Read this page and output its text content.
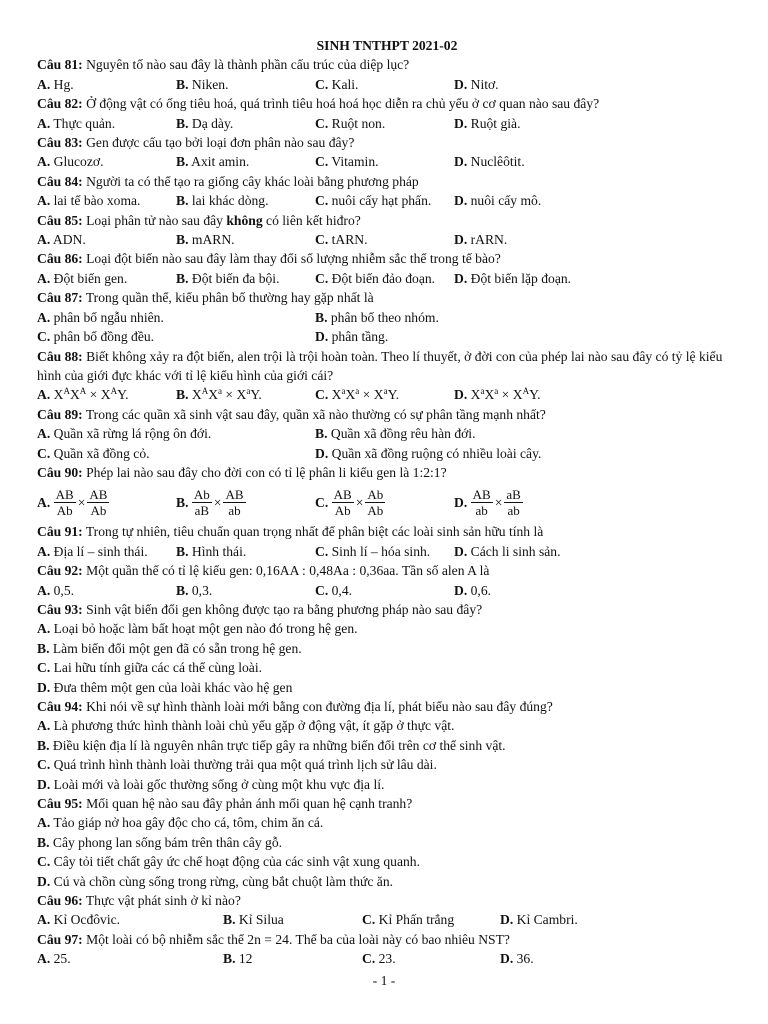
SINH TNTHPT 2021-02
Câu 81: Nguyên tố nào sau đây là thành phần cấu trúc của diệp lục?
A. Hg.	B. Niken.	C. Kali.	D. Nitơ.
Câu 82: Ở động vật có ống tiêu hoá, quá trình tiêu hoá hoá học diễn ra chủ yếu ở cơ quan nào sau đây?
A. Thực quản.	B. Dạ dày.	C. Ruột non.	D. Ruột già.
Câu 83: Gen được cấu tạo bởi loại đơn phân nào sau đây?
A. Glucozơ.	B. Axit amin.	C. Vitamin.	D. Nuclêôtit.
Câu 84: Người ta có thể tạo ra giống cây khác loài bằng phương pháp
A. lai tế bào xoma.	B. lai khác dòng.	C. nuôi cấy hạt phấn.	D. nuôi cấy mô.
Câu 85: Loại phân tử nào sau đây không có liên kết hiđro?
A. ADN.	B. mARN.	C. tARN.	D. rARN.
Câu 86: Loại đột biến nào sau đây làm thay đổi số lượng nhiễm sắc thể trong tế bào?
A. Đột biến gen.	B. Đột biến đa bội.	C. Đột biến đảo đoạn.	D. Đột biến lặp đoạn.
Câu 87: Trong quần thể, kiểu phân bố thường hay gặp nhất là
A. phân bố ngẫu nhiên.	B. phân bố theo nhóm.
C. phân bố đồng đều.	D. phân tầng.
Câu 88: Biết không xảy ra đột biến, alen trội là trội hoàn toàn. Theo lí thuyết, ở đời con của phép lai nào sau đây có tỷ lệ kiểu hình của giới đực khác với tỉ lệ kiểu hình của giới cái?
A. $X^AX^A \times X^AY$.	B. $X^AX^a \times X^aY$.	C. $X^aX^a \times X^aY$.	D. $X^aX^a \times X^AY$.
Câu 89: Trong các quần xã sinh vật sau đây, quần xã nào thường có sự phân tầng mạnh nhất?
A. Quần xã rừng lá rộng ôn đới.	B. Quần xã đồng rêu hàn đới.
C. Quần xã đồng cỏ.	D. Quần xã đồng ruộng có nhiều loài cây.
Câu 90: Phép lai nào sau đây cho đời con có tỉ lệ phân li kiểu gen là 1:2:1?
A.
$\frac{AB}{Ab} \times \frac{AB}{Ab}$	B.
$\frac{Ab}{aB} \times \frac{AB}{ab}$	C.
$\frac{AB}{Ab} \times \frac{Ab}{Ab}$	D.
$\frac{AB}{ab} \times \frac{aB}{ab}$
Câu 91: Trong tự nhiên, tiêu chuẩn quan trọng nhất để phân biệt các loài sinh sản hữu tính là
A. Địa lí – sinh thái.	B. Hình thái.	C. Sinh lí – hóa sinh.	D. Cách li sinh sản.
Câu 92: Một quần thể có tỉ lệ kiểu gen: 0,16AA : 0,48Aa : 0,36aa. Tần số alen A là
A. 0,5.	B. 0,3.	C. 0,4.	D. 0,6.
Câu 93: Sinh vật biến đổi gen không được tạo ra bằng phương pháp nào sau đây?
A. Loại bỏ hoặc làm bất hoạt một gen nào đó trong hệ gen.
B. Làm biến đổi một gen đã có sẵn trong hệ gen.
C. Lai hữu tính giữa các cá thể cùng loài.
D. Đưa thêm một gen của loài khác vào hệ gen
Câu 94: Khi nói về sự hình thành loài mới bằng con đường địa lí, phát biểu nào sau đây đúng?
A. Là phương thức hình thành loài chủ yếu gặp ở động vật, ít gặp ở thực vật.
B. Điều kiện địa lí là nguyên nhân trực tiếp gây ra những biến đổi trên cơ thể sinh vật.
C. Quá trình hình thành loài thường trải qua một quá trình lịch sử lâu dài.
D. Loài mới và loài gốc thường sống ở cùng một khu vực địa lí.
Câu 95: Mối quan hệ nào sau đây phản ánh mối quan hệ cạnh tranh?
A. Tảo giáp nở hoa gây độc cho cá, tôm, chim ăn cá.
B. Cây phong lan sống bám trên thân cây gỗ.
C. Cây tỏi tiết chất gây ức chế hoạt động của các sinh vật xung quanh.
D. Cú và chồn cùng sống trong rừng, cùng bắt chuột làm thức ăn.
Câu 96: Thực vật phát sinh ở kỉ nào?
A. Kỉ Ocđôvic.	B. Kỉ Silua	C. Kỉ Phấn trắng	D. Kỉ Cambri.
Câu 97: Một loài có bộ nhiễm sắc thể 2n = 24. Thể ba của loài này có bao nhiêu NST?
A. 25.	B. 12	C. 23.	D. 36.
- 1 -
